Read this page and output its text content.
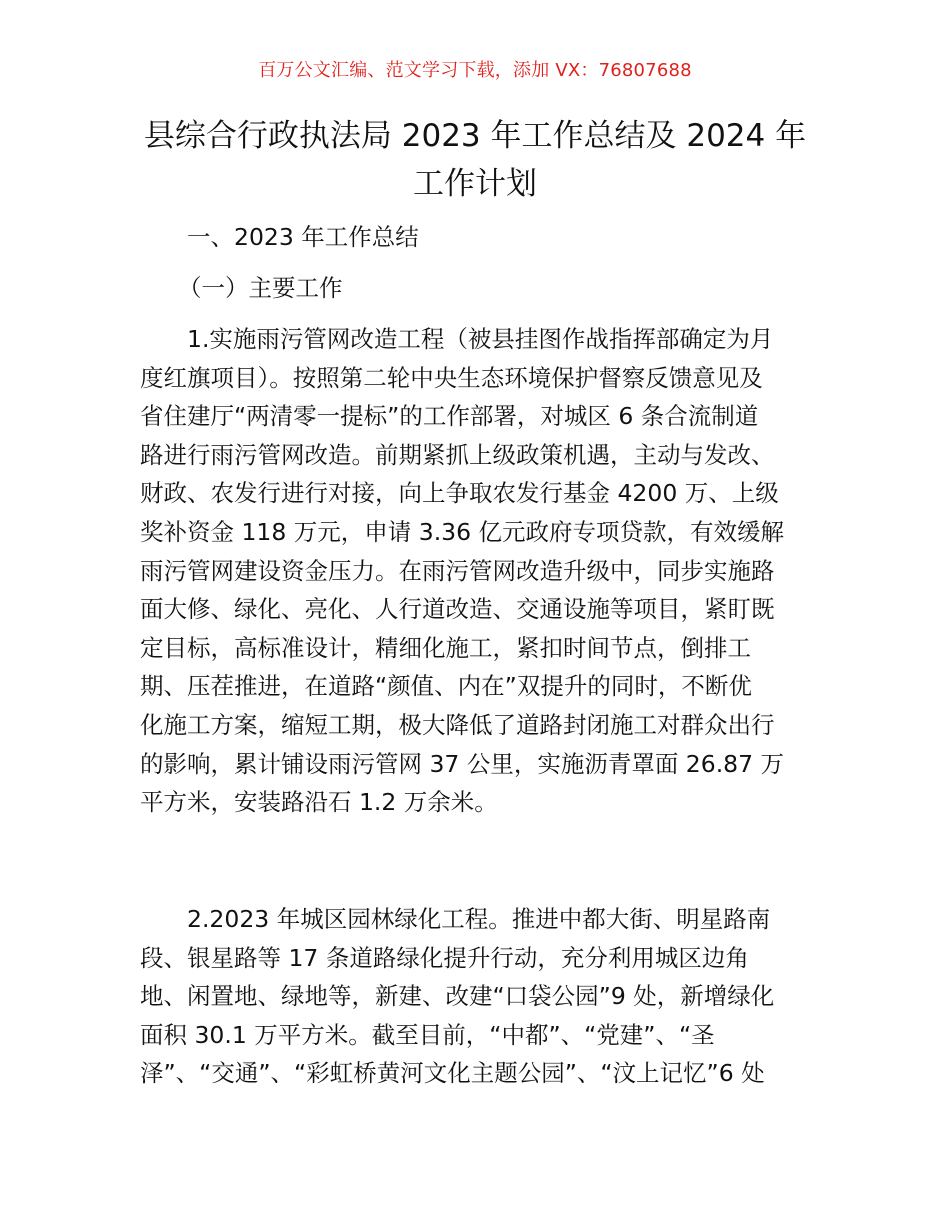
百万公文汇编、范文学习下载，添加 VX：76807688
县综合行政执法局 2023 年工作总结及 2024 年
工作计划
一、2023 年工作总结
（一）主要工作
1.实施雨污管网改造工程（被县挂图作战指挥部确定为月
度红旗项目）。按照第二轮中央生态环境保护督察反馈意见及
省住建厅“两清零一提标”的工作部署，对城区 6 条合流制道
路进行雨污管网改造。前期紧抓上级政策机遇，主动与发改、
财政、农发行进行对接，向上争取农发行基金 4200 万、上级
奖补资金 118 万元，申请 3.36 亿元政府专项贷款，有效缓解
雨污管网建设资金压力。在雨污管网改造升级中，同步实施路
面大修、绿化、亮化、人行道改造、交通设施等项目，紧盯既
定目标，高标准设计，精细化施工，紧扣时间节点，倒排工
期、压茬推进，在道路“颜值、内在”双提升的同时，不断优
化施工方案，缩短工期，极大降低了道路封闭施工对群众出行
的影响，累计铺设雨污管网 37 公里，实施沥青罩面 26.87 万
平方米，安装路沿石 1.2 万余米。
2.2023 年城区园林绿化工程。推进中都大街、明星路南
段、银星路等 17 条道路绿化提升行动，充分利用城区边角
地、闲置地、绿地等，新建、改建“口袋公园”9 处，新增绿化
面积 30.1 万平方米。截至目前，“中都”、“党建”、“圣
泽”、“交通”、“彩虹桥黄河文化主题公园”、“汶上记忆”6 处
